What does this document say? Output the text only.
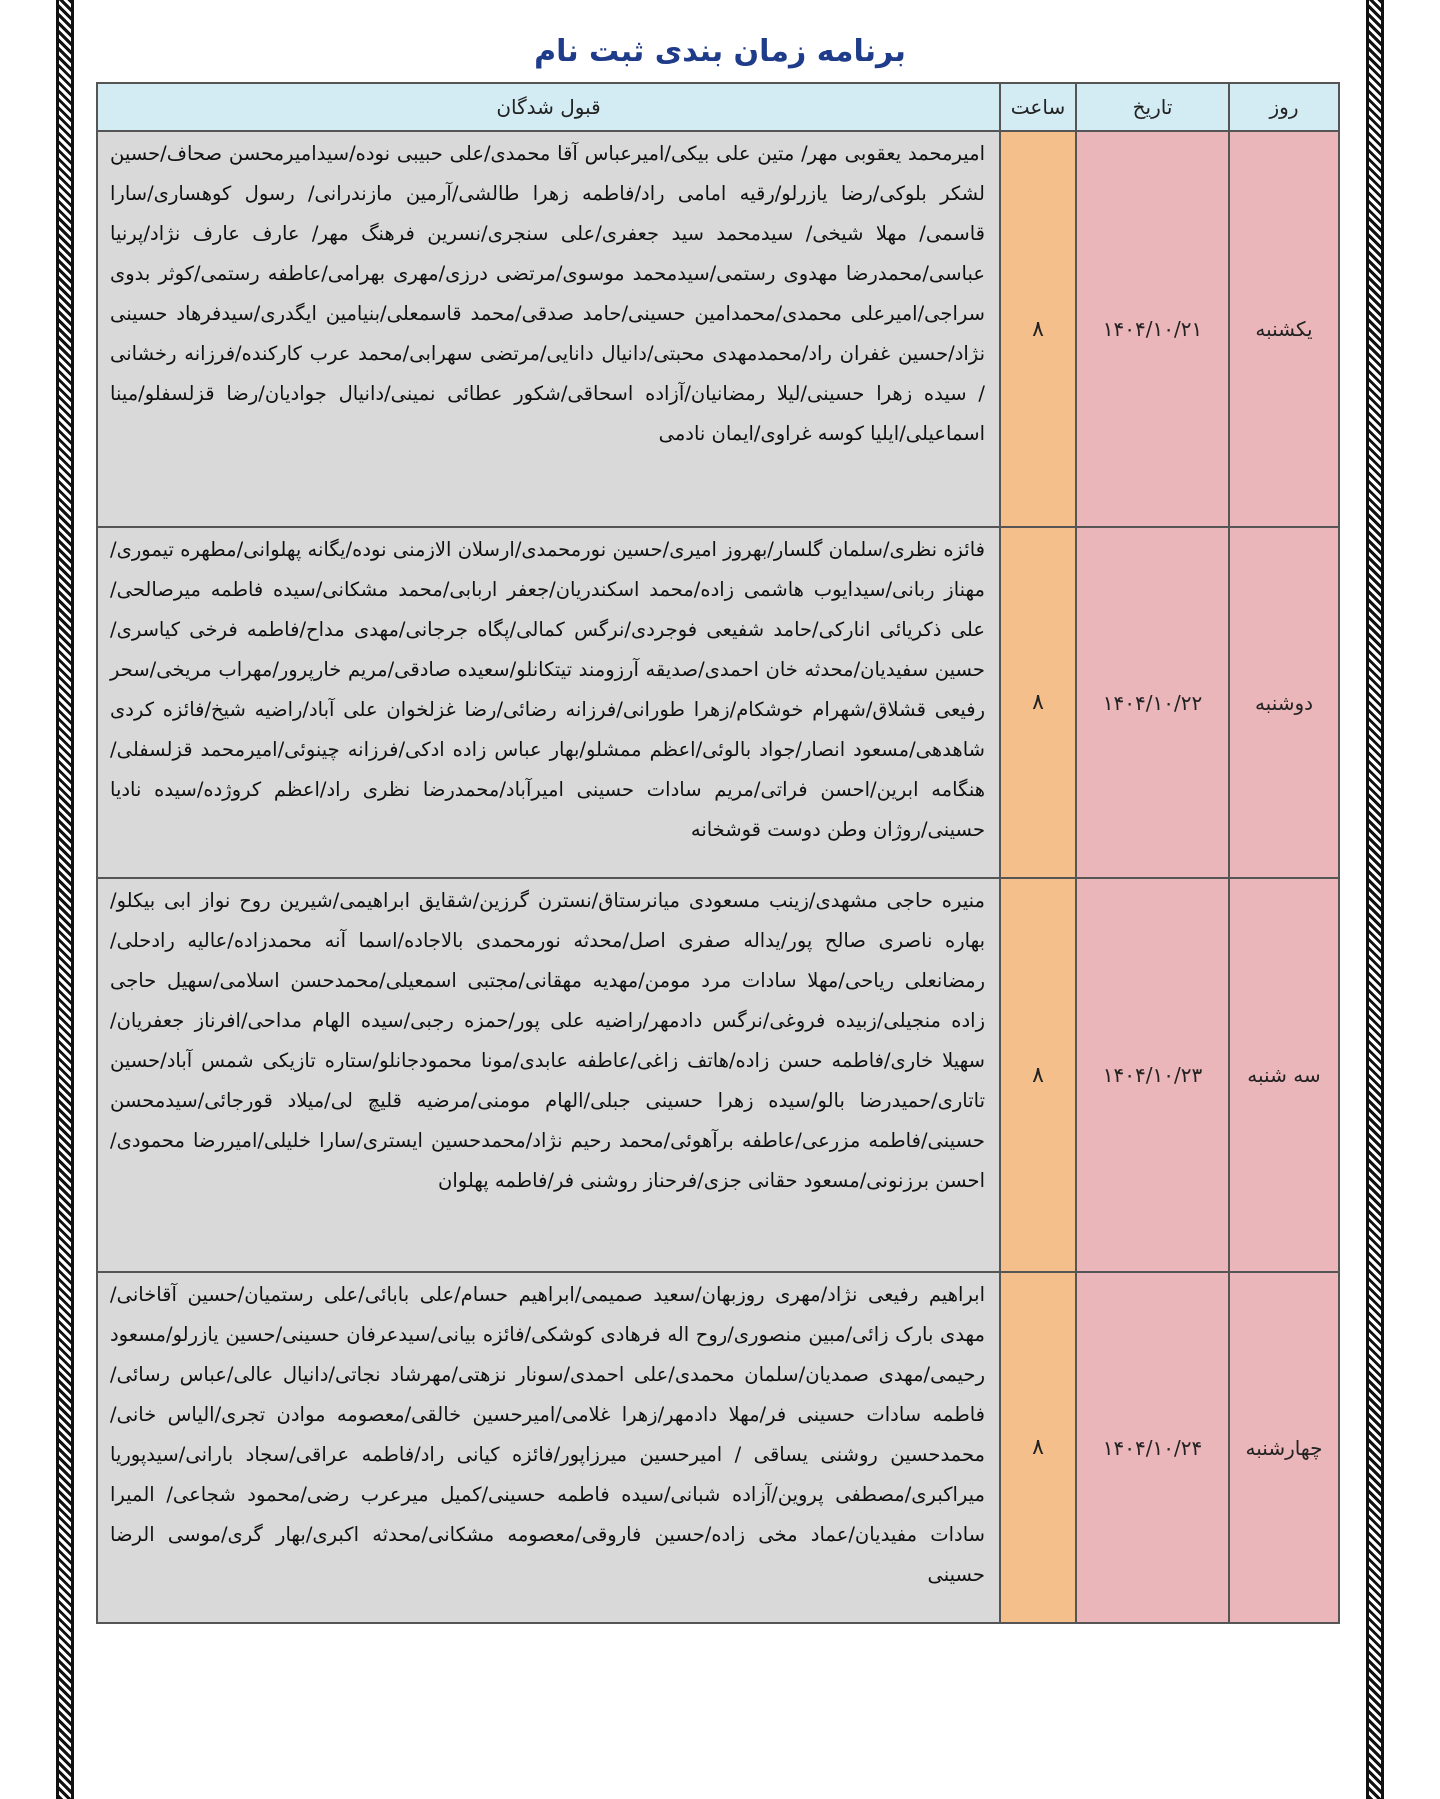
برنامه زمان بندی ثبت نام
روز	تاریخ	ساعت	قبول شدگان
یکشنبه	۱۴۰۴/۱۰/۲۱	۸	امیرمحمد یعقوبی مهر/ متین علی بیکی/امیرعباس آقا محمدی/علی حبیبی نوده/سیدامیرمحسن صحاف/حسین لشکر بلوکی/رضا یازرلو/رقیه امامی راد/فاطمه زهرا طالشی/آرمین مازندرانی/ رسول کوهساری/سارا قاسمی/ مهلا شیخی/ سیدمحمد سید جعفری/علی سنجری/نسرین فرهنگ مهر/ عارف عارف نژاد/پرنیا عباسی/محمدرضا مهدوی رستمی/سیدمحمد موسوی/مرتضی درزی/مهری بهرامی/عاطفه رستمی/کوثر بدوی سراجی/امیرعلی محمدی/محمدامین حسینی/حامد صدقی/محمد قاسمعلی/بنیامین ایگدری/سیدفرهاد حسینی نژاد/حسین غفران راد/محمدمهدی محبتی/دانیال دانایی/مرتضی سهرابی/محمد عرب کارکنده/فرزانه رخشانی / سیده زهرا حسینی/لیلا رمضانیان/آزاده اسحاقی/شکور عطائی نمینی/دانیال جوادیان/رضا قزلسفلو/مینا اسماعیلی/ایلیا کوسه غراوی/ایمان نادمی
دوشنبه	۱۴۰۴/۱۰/۲۲	۸	فائزه نظری/سلمان گلسار/بهروز امیری/حسین نورمحمدی/ارسلان الازمنی نوده/یگانه پهلوانی/مطهره تیموری/مهناز ربانی/سیدایوب هاشمی زاده/محمد اسکندریان/جعفر اربابی/محمد مشکانی/سیده فاطمه میرصالحی/علی ذکریائی انارکی/حامد شفیعی فوجردی/نرگس کمالی/پگاه جرجانی/مهدی مداح/فاطمه فرخی کیاسری/حسین سفیدیان/محدثه خان احمدی/صدیقه آرزومند تیتکانلو/سعیده صادقی/مریم خارپرور/مهراب مریخی/سحر رفیعی قشلاق/شهرام خوشکام/زهرا طورانی/فرزانه رضائی/رضا غزلخوان علی آباد/راضیه شیخ/فائزه کردی شاهدهی/مسعود انصار/جواد بالوئی/اعظم ممشلو/بهار عباس زاده ادکی/فرزانه چینوئی/امیرمحمد قزلسفلی/هنگامه ابرین/احسن فراتی/مریم سادات حسینی امیرآباد/محمدرضا نظری راد/اعظم کروژده/سیده نادیا حسینی/روژان وطن دوست قوشخانه
سه شنبه	۱۴۰۴/۱۰/۲۳	۸	منیره حاجی مشهدی/زینب مسعودی میانرستاق/نسترن گرزین/شقایق ابراهیمی/شیرین روح نواز ابی بیکلو/بهاره ناصری صالح پور/یداله صفری اصل/محدثه نورمحمدی بالاجاده/اسما آنه محمدزاده/عالیه رادحلی/رمضانعلی ریاحی/مهلا سادات مرد مومن/مهدیه مهقانی/مجتبی اسمعیلی/محمدحسن اسلامی/سهیل حاجی زاده منجیلی/زبیده فروغی/نرگس دادمهر/راضیه علی پور/حمزه رجبی/سیده الهام مداحی/افرناز جعفریان/سهیلا خاری/فاطمه حسن زاده/هاتف زاغی/عاطفه عابدی/مونا محمودجانلو/ستاره تازیکی شمس آباد/حسین تاتاری/حمیدرضا بالو/سیده زهرا حسینی جبلی/الهام مومنی/مرضیه قلیچ لی/میلاد قورجائی/سیدمحسن حسینی/فاطمه مزرعی/عاطفه برآهوئی/محمد رحیم نژاد/محمدحسین ایستری/سارا خلیلی/امیررضا محمودی/احسن برزنونی/مسعود حقانی جزی/فرحناز روشنی فر/فاطمه پهلوان
چهارشنبه	۱۴۰۴/۱۰/۲۴	۸	ابراهیم رفیعی نژاد/مهری روزبهان/سعید صمیمی/ابراهیم حسام/علی بابائی/علی رستمیان/حسین آقاخانی/مهدی بارک زائی/مبین منصوری/روح اله فرهادی کوشکی/فائزه بیانی/سیدعرفان حسینی/حسین یازرلو/مسعود رحیمی/مهدی صمدیان/سلمان محمدی/علی احمدی/سونار نزهتی/مهرشاد نجاتی/دانیال عالی/عباس رسائی/فاطمه سادات حسینی فر/مهلا دادمهر/زهرا غلامی/امیرحسین خالقی/معصومه موادن تجری/الیاس خانی/محمدحسین روشنی یساقی / امیرحسین میرزاپور/فائزه کیانی راد/فاطمه عراقی/سجاد بارانی/سیدپوریا میراکبری/مصطفی پروین/آزاده شبانی/سیده فاطمه حسینی/کمیل میرعرب رضی/محمود شجاعی/ المیرا سادات مفیدیان/عماد مخی زاده/حسین فاروقی/معصومه مشکانی/محدثه اکبری/بهار گری/موسی الرضا حسینی
